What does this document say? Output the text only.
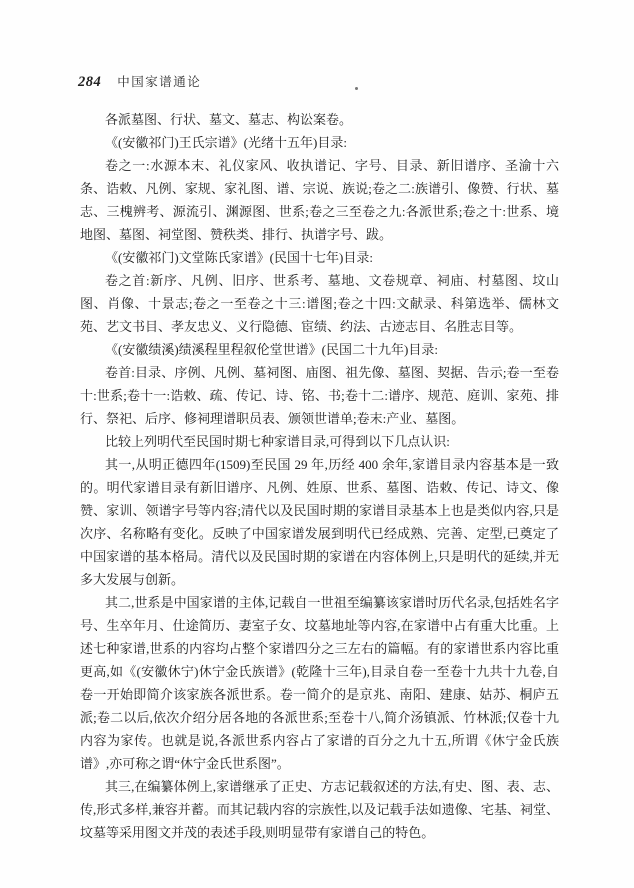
284 中国家谱通论

各派墓图、行状、墓文、墓志、构讼案卷。

《(安徽祁门)王氏宗谱》(光绪十五年)目录:

卷之一:水源本末、礼仪家风、收执谱记、字号、目录、新旧谱序、圣渝十六条、诰敕、凡例、家规、家礼图、谱、宗说、族说;卷之二:族谱引、像赞、行状、墓志、三槐辨考、源流引、渊源图、世系;卷之三至卷之九:各派世系;卷之十:世系、境地图、墓图、祠堂图、赞秩类、排行、执谱字号、跋。

《(安徽祁门)文堂陈氏家谱》(民国十七年)目录:

卷之首:新序、凡例、旧序、世系考、墓地、文卷规章、祠庙、村墓图、坟山图、肖像、十景志;卷之一至卷之十三:谱图;卷之十四:文献录、科第选举、儒林文苑、艺文书目、孝友忠义、义行隐德、宦绩、约法、古迹志目、名胜志目等。

《(安徽绩溪)绩溪程里程叙伦堂世谱》(民国二十九年)目录:

卷首:目录、序例、凡例、墓祠图、庙图、祖先像、墓图、契据、告示;卷一至卷十:世系;卷十一:诰敕、疏、传记、诗、铭、书;卷十二:谱序、规范、庭训、家苑、排行、祭祀、后序、修祠理谱职员表、颁领世谱单;卷末:产业、墓图。

比较上列明代至民国时期七种家谱目录,可得到以下几点认识:

其一,从明正德四年(1509)至民国 29 年,历经 400 余年,家谱目录内容基本是一致的。明代家谱目录有新旧谱序、凡例、姓原、世系、墓图、诰敕、传记、诗文、像赞、家训、领谱字号等内容;清代以及民国时期的家谱目录基本上也是类似内容,只是次序、名称略有变化。反映了中国家谱发展到明代已经成熟、完善、定型,已奠定了中国家谱的基本格局。清代以及民国时期的家谱在内容体例上,只是明代的延续,并无多大发展与创新。

其二,世系是中国家谱的主体,记载自一世祖至编纂该家谱时历代名录,包括姓名字号、生卒年月、仕途简历、妻室子女、坟墓地址等内容,在家谱中占有重大比重。上述七种家谱,世系的内容均占整个家谱四分之三左右的篇幅。有的家谱世系内容比重更高,如《(安徽休宁)休宁金氏族谱》(乾隆十三年),目录自卷一至卷十九共十九卷,自卷一开始即简介该家族各派世系。卷一简介的是京兆、南阳、建康、姑苏、桐庐五派;卷二以后,依次介绍分居各地的各派世系;至卷十八,简介汤镇派、竹林派;仅卷十九内容为家传。也就是说,各派世系内容占了家谱的百分之九十五,所谓《休宁金氏族谱》,亦可称之谓“休宁金氏世系图”。

其三,在编纂体例上,家谱继承了正史、方志记载叙述的方法,有史、图、表、志、传,形式多样,兼容并蓄。而其记载内容的宗族性,以及记载手法如遗像、宅基、祠堂、坟墓等采用图文并茂的表述手段,则明显带有家谱自己的特色。
